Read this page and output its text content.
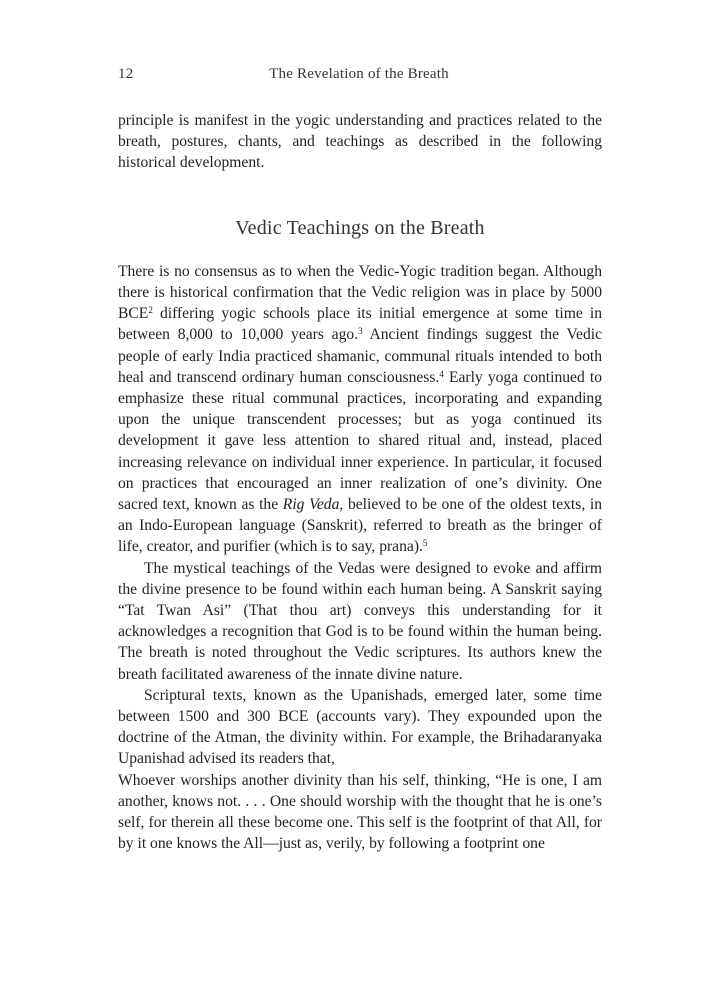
12	The Revelation of the Breath

principle is manifest in the yogic understanding and practices related to the breath, postures, chants, and teachings as described in the following historical development.

Vedic Teachings on the Breath

There is no consensus as to when the Vedic-Yogic tradition began. Although there is historical confirmation that the Vedic religion was in place by 5000 BCE$^2$ differing yogic schools place its initial emergence at some time in between 8,000 to 10,000 years ago.$^3$ Ancient findings suggest the Vedic people of early India practiced shamanic, communal rituals intended to both heal and transcend ordinary human consciousness.$^4$ Early yoga continued to emphasize these ritual communal practices, incorporating and expanding upon the unique transcendent processes; but as yoga continued its development it gave less attention to shared ritual and, instead, placed increasing relevance on individual inner experience. In particular, it focused on practices that encouraged an inner realization of one’s divinity. One sacred text, known as the Rig Veda, believed to be one of the oldest texts, in an Indo-European language (Sanskrit), referred to breath as the bringer of life, creator, and purifier (which is to say, prana).$^5$

The mystical teachings of the Vedas were designed to evoke and affirm the divine presence to be found within each human being. A Sanskrit saying “Tat Twan Asi” (That thou art) conveys this understanding for it acknowledges a recognition that God is to be found within the human being. The breath is noted throughout the Vedic scriptures. Its authors knew the breath facilitated awareness of the innate divine nature.

Scriptural texts, known as the Upanishads, emerged later, some time between 1500 and 300 BCE (accounts vary). They expounded upon the doctrine of the Atman, the divinity within. For example, the Brihadaranyaka Upanishad advised its readers that,

Whoever worships another divinity than his self, thinking, “He is one, I am another, knows not. . . . One should worship with the thought that he is one’s self, for therein all these become one. This self is the footprint of that All, for by it one knows the All—just as, verily, by following a footprint one
